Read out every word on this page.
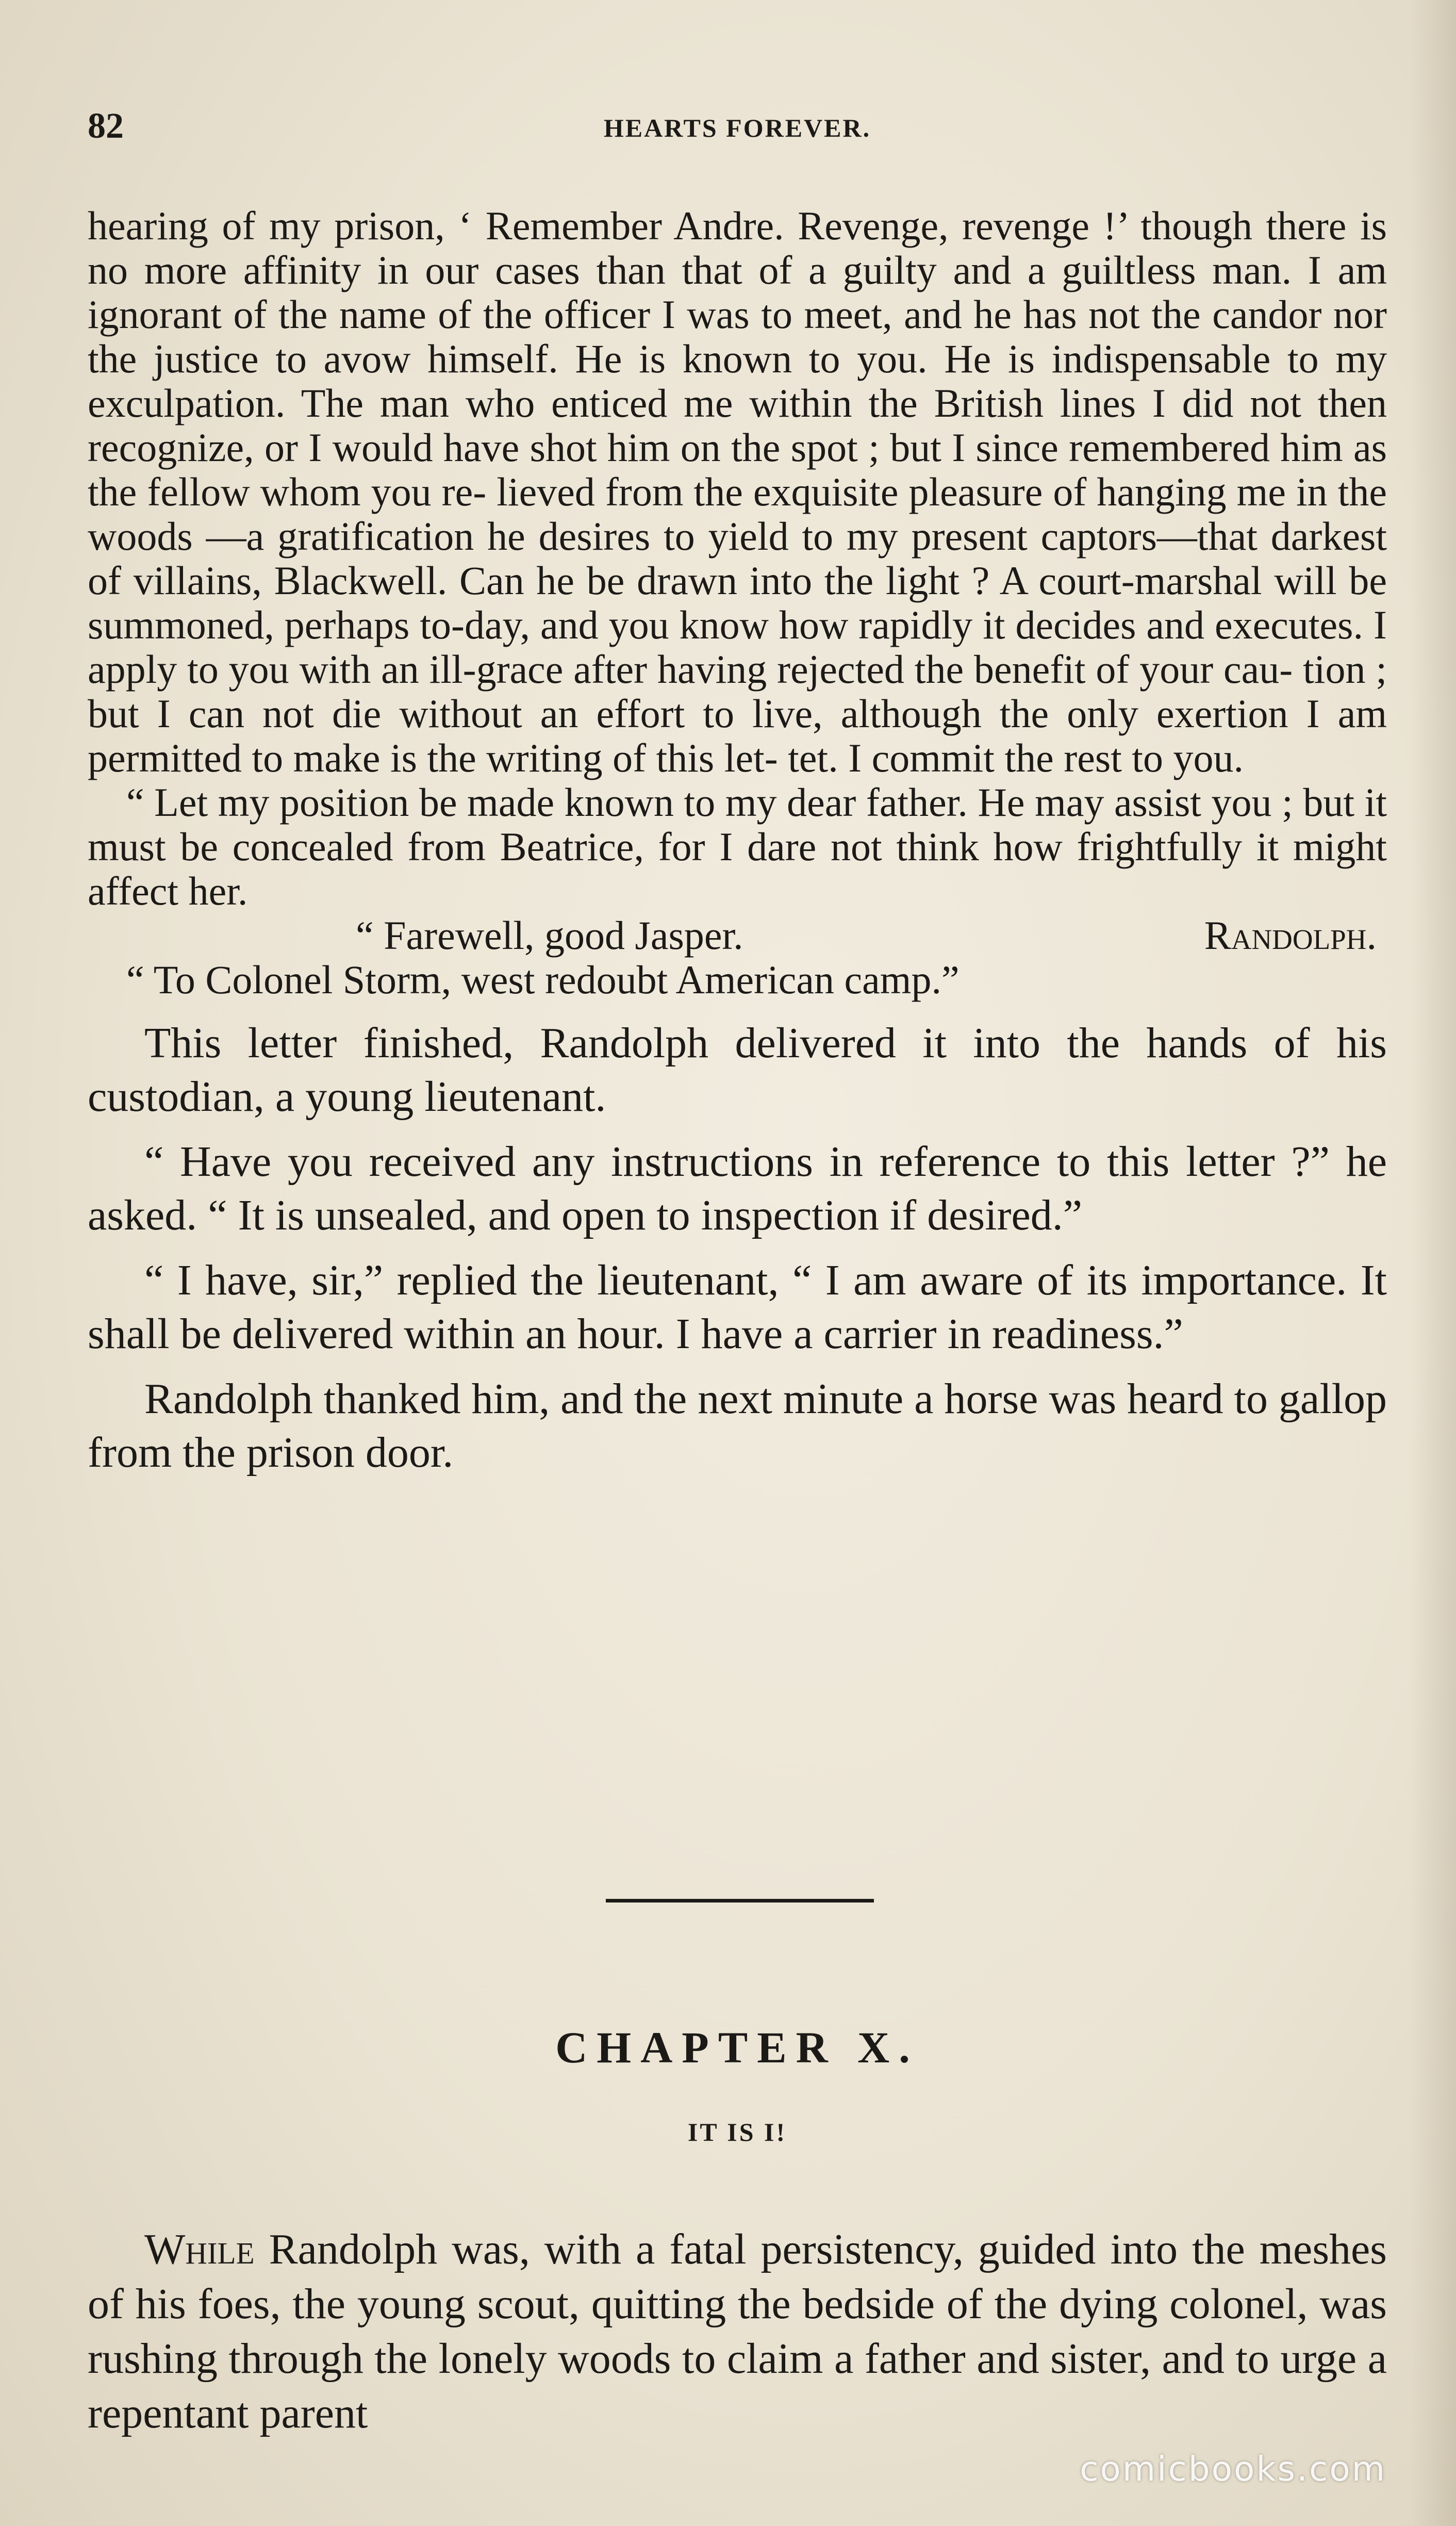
82	HEARTS FOREVER.

hearing of my prison, ‘ Remember Andre. Revenge, revenge !’ though there is no more affinity in our cases than that of a guilty and a guiltless man. I am ignorant of the name of the officer I was to meet, and he has not the candor nor the justice to avow himself. He is known to you. He is indispensable to my exculpation. The man who enticed me within the British lines I did not then recognize, or I would have shot him on the spot ; but I since remembered him as the fellow whom you re- lieved from the exquisite pleasure of hanging me in the woods —a gratification he desires to yield to my present captors—that darkest of villains, Blackwell. Can he be drawn into the light ? A court-marshal will be summoned, perhaps to-day, and you know how rapidly it decides and executes. I apply to you with an ill-grace after having rejected the benefit of your cau- tion ; but I can not die without an effort to live, although the only exertion I am permitted to make is the writing of this let- tet. I commit the rest to you.

“ Let my position be made known to my dear father. He may assist you ; but it must be concealed from Beatrice, for I dare not think how frightfully it might affect her.

“ Farewell, good Jasper.	Randolph.
“ To Colonel Storm, west redoubt American camp.”

This letter finished, Randolph delivered it into the hands of his custodian, a young lieutenant.

“ Have you received any instructions in reference to this letter ?” he asked. “ It is unsealed, and open to inspection if desired.”

“ I have, sir,” replied the lieutenant, “ I am aware of its importance. It shall be delivered within an hour. I have a carrier in readiness.”

Randolph thanked him, and the next minute a horse was heard to gallop from the prison door.

CHAPTER X.
IT IS I!

While Randolph was, with a fatal persistency, guided into the meshes of his foes, the young scout, quitting the bedside of the dying colonel, was rushing through the lonely woods to claim a father and sister, and to urge a repentant parent

comicbooks.com
